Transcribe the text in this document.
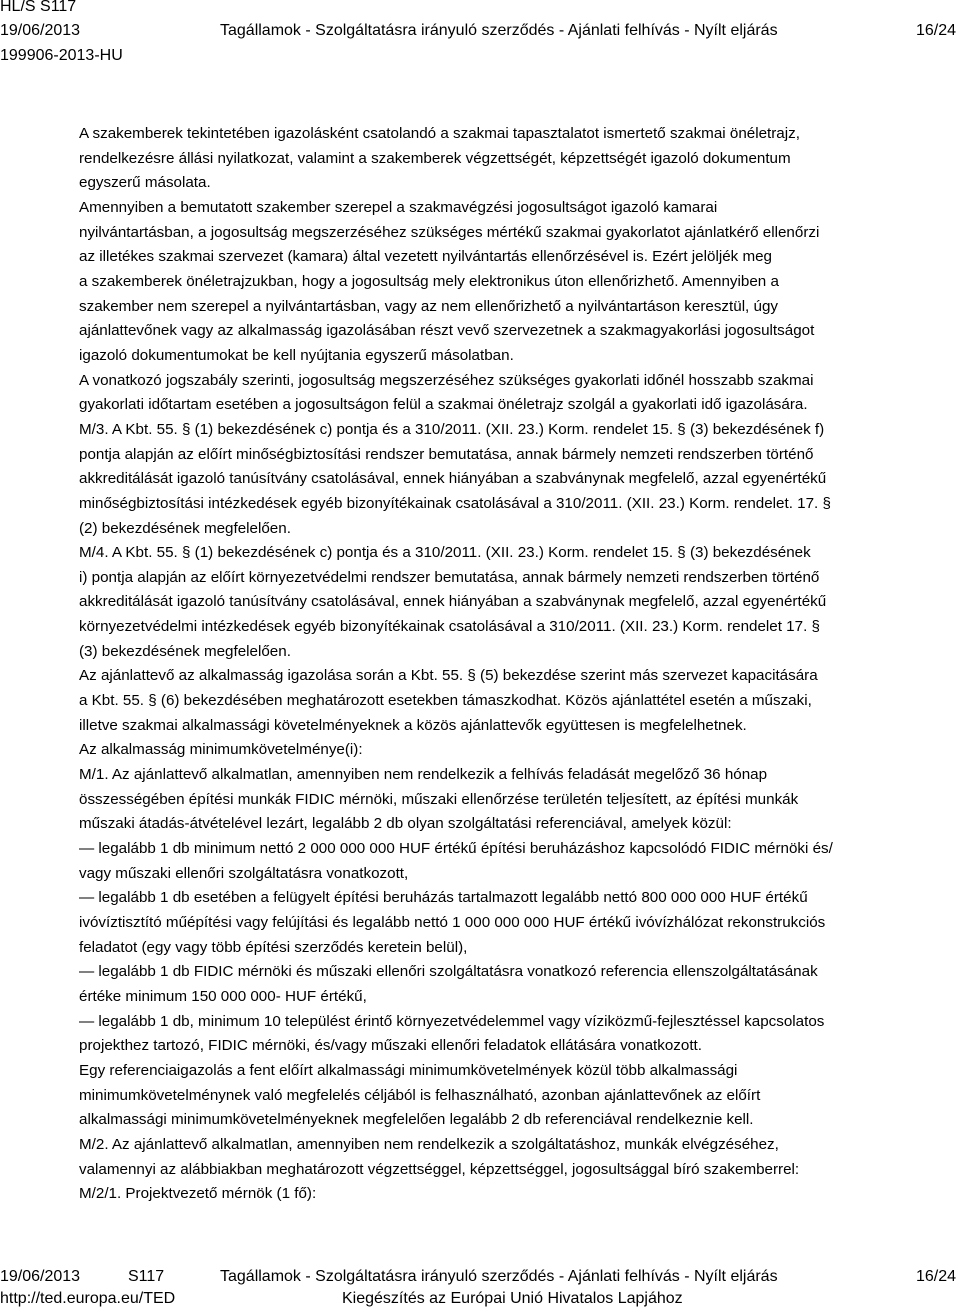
HL/S S117
19/06/2013	Tagállamok - Szolgáltatásra irányuló szerződés - Ajánlati felhívás - Nyílt eljárás	16/24
199906-2013-HU

A szakemberek tekintetében igazolásként csatolandó a szakmai tapasztalatot ismertető szakmai önéletrajz,

rendelkezésre állási nyilatkozat, valamint a szakemberek végzettségét, képzettségét igazoló dokumentum

egyszerű másolata.

Amennyiben a bemutatott szakember szerepel a szakmavégzési jogosultságot igazoló kamarai

nyilvántartásban, a jogosultság megszerzéséhez szükséges mértékű szakmai gyakorlatot ajánlatkérő ellenőrzi

az illetékes szakmai szervezet (kamara) által vezetett nyilvántartás ellenőrzésével is. Ezért jelöljék meg

a szakemberek önéletrajzukban, hogy a jogosultság mely elektronikus úton ellenőrizhető. Amennyiben a

szakember nem szerepel a nyilvántartásban, vagy az nem ellenőrizhető a nyilvántartáson keresztül, úgy

ajánlattevőnek vagy az alkalmasság igazolásában részt vevő szervezetnek a szakmagyakorlási jogosultságot

igazoló dokumentumokat be kell nyújtania egyszerű másolatban.

A vonatkozó jogszabály szerinti, jogosultság megszerzéséhez szükséges gyakorlati időnél hosszabb szakmai

gyakorlati időtartam esetében a jogosultságon felül a szakmai önéletrajz szolgál a gyakorlati idő igazolására.

M/3. A Kbt. 55. § (1) bekezdésének c) pontja és a 310/2011. (XII. 23.) Korm. rendelet 15. § (3) bekezdésének f)

pontja alapján az előírt minőségbiztosítási rendszer bemutatása, annak bármely nemzeti rendszerben történő

akkreditálását igazoló tanúsítvány csatolásával, ennek hiányában a szabványnak megfelelő, azzal egyenértékű

minőségbiztosítási intézkedések egyéb bizonyítékainak csatolásával a 310/2011. (XII. 23.) Korm. rendelet. 17. §

(2) bekezdésének megfelelően.

M/4. A Kbt. 55. § (1) bekezdésének c) pontja és a 310/2011. (XII. 23.) Korm. rendelet 15. § (3) bekezdésének

i) pontja alapján az előírt környezetvédelmi rendszer bemutatása, annak bármely nemzeti rendszerben történő

akkreditálását igazoló tanúsítvány csatolásával, ennek hiányában a szabványnak megfelelő, azzal egyenértékű

környezetvédelmi intézkedések egyéb bizonyítékainak csatolásával a 310/2011. (XII. 23.) Korm. rendelet 17. §

(3) bekezdésének megfelelően.

Az ajánlattevő az alkalmasság igazolása során a Kbt. 55. § (5) bekezdése szerint más szervezet kapacitására

a Kbt. 55. § (6) bekezdésében meghatározott esetekben támaszkodhat. Közös ajánlattétel esetén a műszaki,

illetve szakmai alkalmassági követelményeknek a közös ajánlattevők együttesen is megfelelhetnek.

Az alkalmasság minimumkövetelménye(i):

M/1. Az ajánlattevő alkalmatlan, amennyiben nem rendelkezik a felhívás feladását megelőző 36 hónap

összességében építési munkák FIDIC mérnöki, műszaki ellenőrzése területén teljesített, az építési munkák

műszaki átadás-átvételével lezárt, legalább 2 db olyan szolgáltatási referenciával, amelyek közül:

— legalább 1 db minimum nettó 2 000 000 000 HUF értékű építési beruházáshoz kapcsolódó FIDIC mérnöki és/

vagy műszaki ellenőri szolgáltatásra vonatkozott,

— legalább 1 db esetében a felügyelt építési beruházás tartalmazott legalább nettó 800 000 000 HUF értékű

ivóvíztisztító műépítési vagy felújítási és legalább nettó 1 000 000 000 HUF értékű ivóvízhálózat rekonstrukciós

feladatot (egy vagy több építési szerződés keretein belül),

— legalább 1 db FIDIC mérnöki és műszaki ellenőri szolgáltatásra vonatkozó referencia ellenszolgáltatásának

értéke minimum 150 000 000- HUF értékű,

— legalább 1 db, minimum 10 települést érintő környezetvédelemmel vagy víziközmű-fejlesztéssel kapcsolatos

projekthez tartozó, FIDIC mérnöki, és/vagy műszaki ellenőri feladatok ellátására vonatkozott.

Egy referenciaigazolás a fent előírt alkalmassági minimumkövetelmények közül több alkalmassági

minimumkövetelménynek való megfelelés céljából is felhasználható, azonban ajánlattevőnek az előírt

alkalmassági minimumkövetelményeknek megfelelően legalább 2 db referenciával rendelkeznie kell.

M/2. Az ajánlattevő alkalmatlan, amennyiben nem rendelkezik a szolgáltatáshoz, munkák elvégzéséhez,

valamennyi az alábbiakban meghatározott végzettséggel, képzettséggel, jogosultsággal bíró szakemberrel:

M/2/1. Projektvezető mérnök (1 fő):

19/06/2013	S117	Tagállamok - Szolgáltatásra irányuló szerződés - Ajánlati felhívás - Nyílt eljárás	16/24
http://ted.europa.eu/TED	Kiegészítés az Európai Unió Hivatalos Lapjához
